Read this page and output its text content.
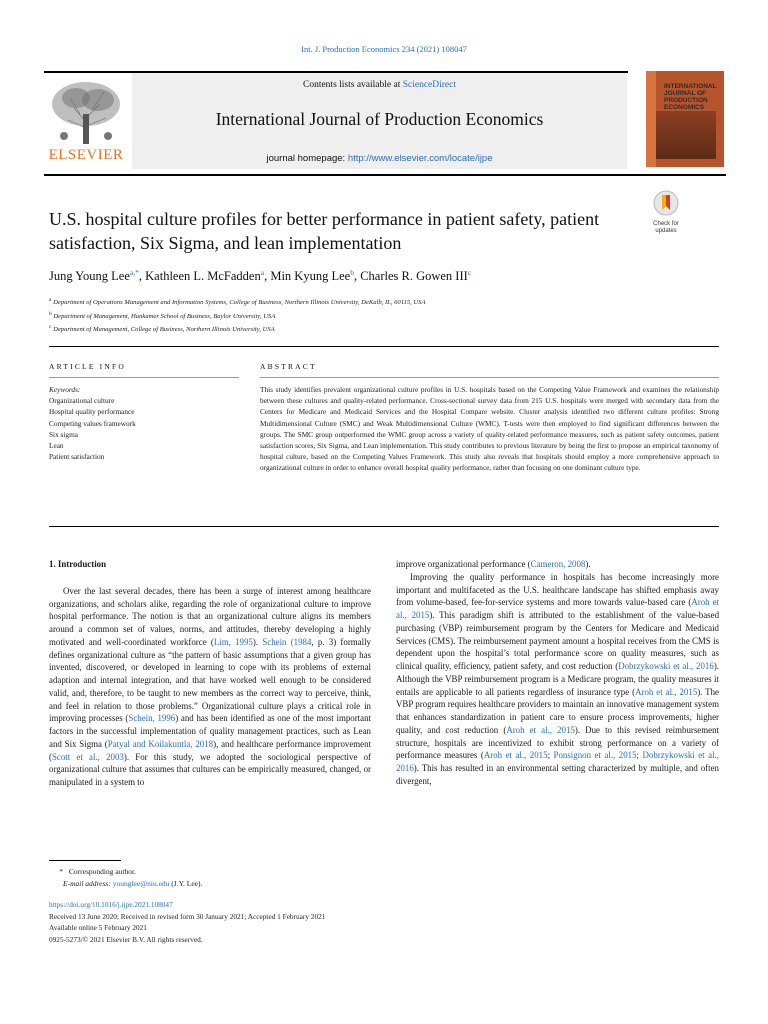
Int. J. Production Economics 234 (2021) 108047
ELSEVIER
Contents lists available at ScienceDirect
International Journal of Production Economics
journal homepage: http://www.elsevier.com/locate/ijpe
INTERNATIONAL JOURNAL OF PRODUCTION ECONOMICS
Check for updates
U.S. hospital culture profiles for better performance in patient safety, patient satisfaction, Six Sigma, and lean implementation
Jung Young Lee$^{a,*}$, Kathleen L. McFadden$^a$, Min Kyung Lee$^b$, Charles R. Gowen III$^c$
$^a$ Department of Operations Management and Information Systems, College of Business, Northern Illinois University, DeKalb, IL, 60115, USA
$^b$ Department of Management, Hankamer School of Business, Baylor University, USA
$^c$ Department of Management, College of Business, Northern Illinois University, USA
ARTICLE INFO	ABSTRACT
Keywords:
Organizational culture
Hospital quality performance
Competing values framework
Six sigma
Lean
Patient satisfaction

This study identifies prevalent organizational culture profiles in U.S. hospitals based on the Competing Value Framework and examines the relationship between these cultures and quality-related performance. Cross-sectional survey data from 215 U.S. hospitals were merged with secondary data from the Centers for Medicare and Medicaid Services and the Hospital Compare website. Cluster analysis identified two different culture profiles: Strong Multidimensional Culture (SMC) and Weak Multidimensional Culture (WMC). T-tests were then employed to find significant differences between the groups. The SMC group outperformed the WMC group across a variety of quality-related performance measures, such as patient safety outcomes, patient satisfaction scores, Six Sigma, and Lean implementation. This study contributes to previous literature by being the first to propose an empirical taxonomy of hospital culture, based on the Competing Values Framework. This study also reveals that hospitals should employ a more comprehensive approach to organizational culture in order to enhance overall hospital quality performance, rather than focusing on one dominant culture type.

1. Introduction

Over the last several decades, there has been a surge of interest among healthcare organizations, and scholars alike, regarding the role of organizational culture to improve hospital performance. The notion is that an organizational culture aligns its members around a common set of values, norms, and attitudes, thereby developing a highly motivated and well-coordinated workforce (Lim, 1995). Schein (1984, p. 3) formally defines organizational culture as “the pattern of basic assumptions that a given group has invented, discovered, or developed in learning to cope with its problems of external adaption and internal integration, and that have worked well enough to be considered valid, and, therefore, to be taught to new members as the correct way to perceive, think, and feel in relation to those problems.” Organizational culture plays a critical role in improving processes (Schein, 1996) and has been identified as one of the most important factors in the successful implementation of quality management practices, such as Lean and Six Sigma (Patyal and Koilakuntla, 2018), and healthcare performance improvement (Scott et al., 2003). For this study, we adopted the sociological perspective of organizational culture that assumes that cultures can be empirically measured, changed, or manipulated in a system to

improve organizational performance (Cameron, 2008).

Improving the quality performance in hospitals has become increasingly more important and multifaceted as the U.S. healthcare landscape has shifted emphasis away from volume-based, fee-for-service systems and more towards value-based care (Aroh et al., 2015). This paradigm shift is attributed to the establishment of the value-based purchasing (VBP) reimbursement program by the Centers for Medicare and Medicaid Services (CMS). The reimbursement payment amount a hospital receives from the CMS is dependent upon the hospital’s total performance score on quality measures, such as clinical quality, efficiency, patient safety, and cost reduction (Dobrzykowski et al., 2016). Although the VBP reimbursement program is a Medicare program, the quality measures it entails are applicable to all patients regardless of insurance type (Aroh et al., 2015). The VBP program requires healthcare providers to maintain an innovative management system that enhances standardization in patient care to ensure process improvements, higher quality, and cost reduction (Aroh et al., 2015). Due to this revised reimbursement structure, hospitals are incentivized to exhibit strong performance on a variety of performance measures (Aroh et al., 2015; Ponsignon et al., 2015; Dobrzykowski et al., 2016). This has resulted in an environmental setting characterized by multiple, and often divergent,

* Corresponding author.
E-mail address: younglee@niu.edu (J.Y. Lee).
https://doi.org/10.1016/j.ijpe.2021.108047
Received 13 June 2020; Received in revised form 30 January 2021; Accepted 1 February 2021
Available online 5 February 2021
0925-5273/© 2021 Elsevier B.V. All rights reserved.
